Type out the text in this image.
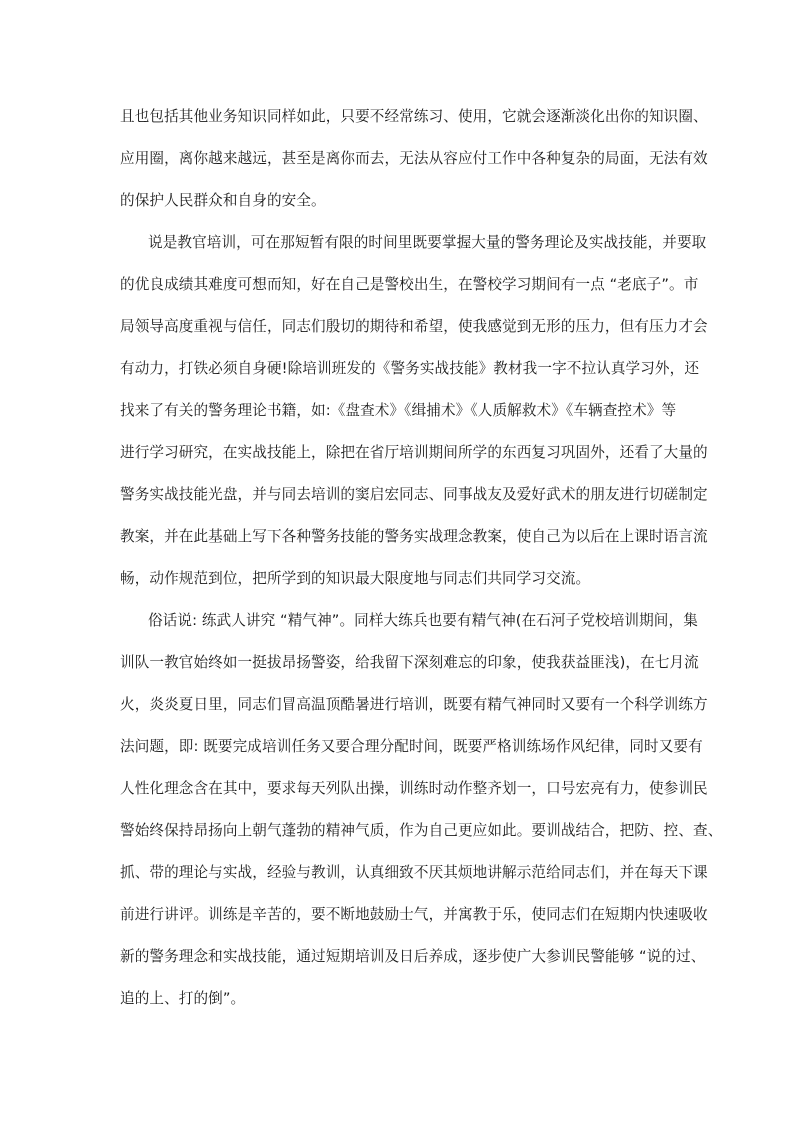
且也包括其他业务知识同样如此，只要不经常练习、使用，它就会逐渐淡化出你的知识圈、
应用圈，离你越来越远，甚至是离你而去，无法从容应付工作中各种复杂的局面，无法有效
的保护人民群众和自身的安全。
说是教官培训，可在那短暂有限的时间里既要掌握大量的警务理论及实战技能，并要取
的优良成绩其难度可想而知，好在自己是警校出生，在警校学习期间有一点 “老底子”。市
局领导高度重视与信任，同志们殷切的期待和希望，使我感觉到无形的压力，但有压力才会
有动力，打铁必须自身硬!除培训班发的《警务实战技能》教材我一字不拉认真学习外，还
找来了有关的警务理论书籍，如:《盘查术》《缉捕术》《人质解救术》《车辆查控术》等
进行学习研究，在实战技能上，除把在省厅培训期间所学的东西复习巩固外，还看了大量的
警务实战技能光盘，并与同去培训的窦启宏同志、同事战友及爱好武术的朋友进行切磋制定
教案，并在此基础上写下各种警务技能的警务实战理念教案，使自己为以后在上课时语言流
畅，动作规范到位，把所学到的知识最大限度地与同志们共同学习交流。
俗话说: 练武人讲究 “精气神”。同样大练兵也要有精气神(在石河子党校培训期间，集
训队一教官始终如一挺拔昂扬警姿，给我留下深刻难忘的印象，使我获益匪浅)，在七月流
火，炎炎夏日里，同志们冒高温顶酷暑进行培训，既要有精气神同时又要有一个科学训练方
法问题，即: 既要完成培训任务又要合理分配时间，既要严格训练场作风纪律，同时又要有
人性化理念含在其中，要求每天列队出操，训练时动作整齐划一，口号宏亮有力，使参训民
警始终保持昂扬向上朝气蓬勃的精神气质，作为自己更应如此。要训战结合，把防、控、查、
抓、带的理论与实战，经验与教训，认真细致不厌其烦地讲解示范给同志们，并在每天下课
前进行讲评。训练是辛苦的，要不断地鼓励士气，并寓教于乐，使同志们在短期内快速吸收
新的警务理念和实战技能，通过短期培训及日后养成，逐步使广大参训民警能够 “说的过、
追的上、打的倒”。
